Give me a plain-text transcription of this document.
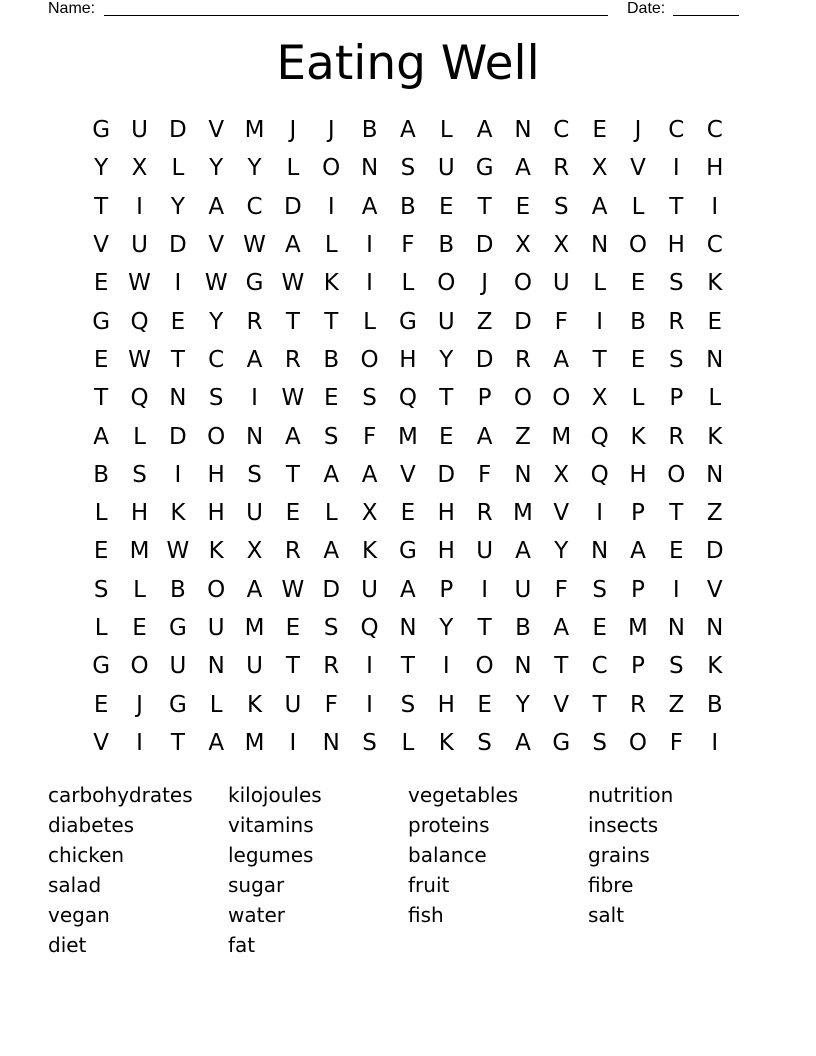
Name:	Date:
Eating Well
G	U	D	V	M	J	J	B	A	L	A	N	C	E	J	C	C
Y	X	L	Y	Y	L	O	N	S	U	G	A	R	X	V	I	H
T	I	Y	A	C	D	I	A	B	E	T	E	S	A	L	T	I
V	U	D	V	W	A	L	I	F	B	D	X	X	N	O	H	C
E	W	I	W	G	W	K	I	L	O	J	O	U	L	E	S	K
G	Q	E	Y	R	T	T	L	G	U	Z	D	F	I	B	R	E
E	W	T	C	A	R	B	O	H	Y	D	R	A	T	E	S	N
T	Q	N	S	I	W	E	S	Q	T	P	O	O	X	L	P	L
A	L	D	O	N	A	S	F	M	E	A	Z	M	Q	K	R	K
B	S	I	H	S	T	A	A	V	D	F	N	X	Q	H	O	N
L	H	K	H	U	E	L	X	E	H	R	M	V	I	P	T	Z
E	M	W	K	X	R	A	K	G	H	U	A	Y	N	A	E	D
S	L	B	O	A	W	D	U	A	P	I	U	F	S	P	I	V
L	E	G	U	M	E	S	Q	N	Y	T	B	A	E	M	N	N
G	O	U	N	U	T	R	I	T	I	O	N	T	C	P	S	K
E	J	G	L	K	U	F	I	S	H	E	Y	V	T	R	Z	B
V	I	T	A	M	I	N	S	L	K	S	A	G	S	O	F	I
carbohydrates	kilojoules	vegetables	nutrition
diabetes	vitamins	proteins	insects
chicken	legumes	balance	grains
salad	sugar	fruit	fibre
vegan	water	fish	salt
diet	fat
